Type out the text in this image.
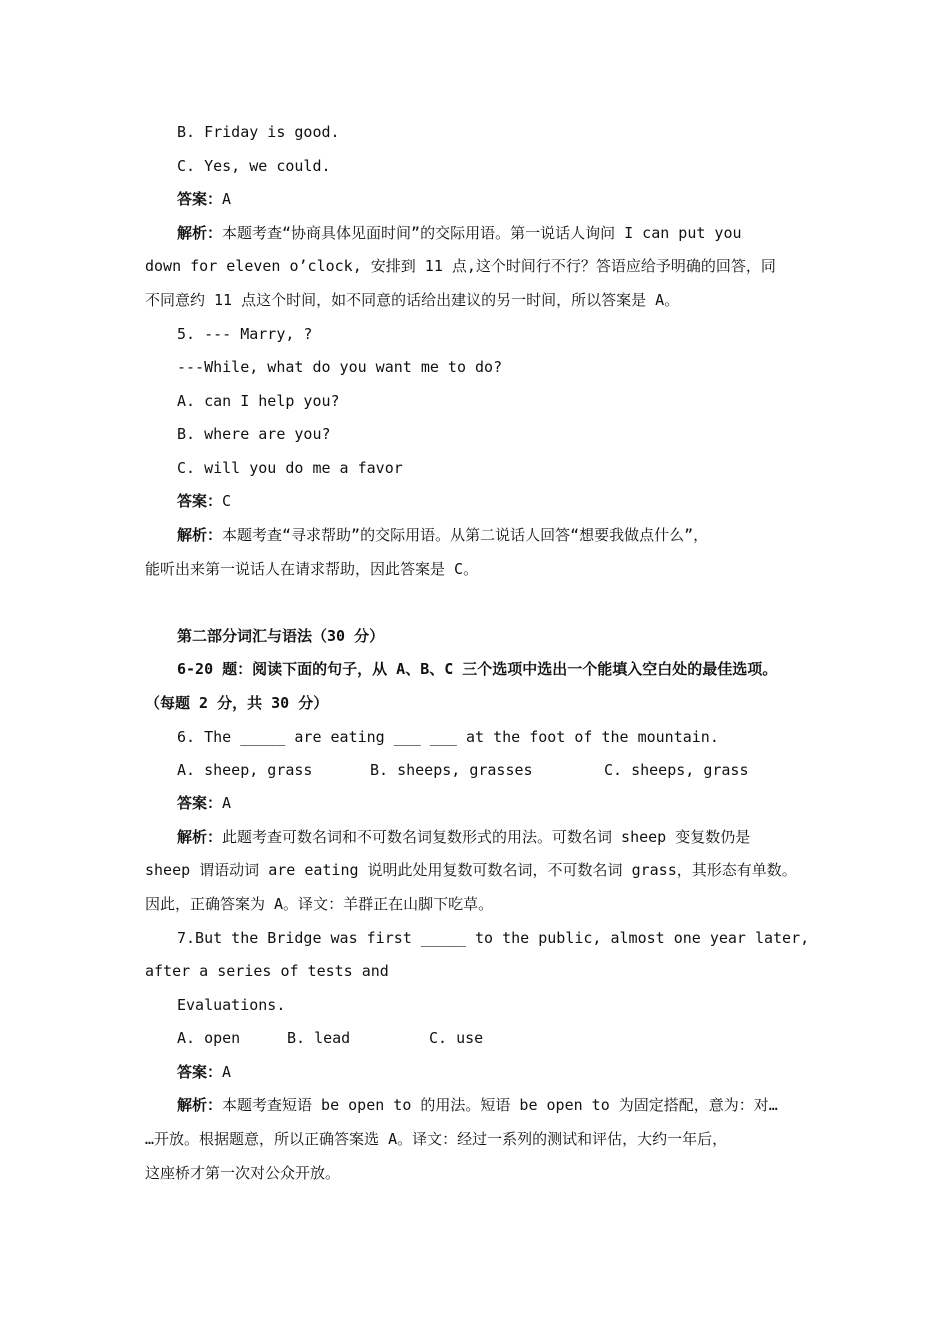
B. Friday is good.
C. Yes, we could.
答案：A
解析：本题考查“协商具体见面时间”的交际用语。第一说话人询问 I can put you
down for eleven o’clock, 安排到 11 点,这个时间行不行？答语应给予明确的回答，同
不同意约 11 点这个时间，如不同意的话给出建议的另一时间，所以答案是 A。
5. --- Marry, ?
---While, what do you want me to do?
A. can I help you?
B. where are you?
C. will you do me a favor
答案：C
解析：本题考查“寻求帮助”的交际用语。从第二说话人回答“想要我做点什么”，
能听出来第一说话人在请求帮助，因此答案是 C。
第二部分词汇与语法（30 分）
6-20 题：阅读下面的句子，从 A、B、C 三个选项中选出一个能填入空白处的最佳选项。
（每题 2 分，共 30 分）
6. The _____ are eating ___ ___ at the foot of the mountain.
A. sheep, grass	B. sheeps, grasses	C. sheeps, grass
答案：A
解析：此题考查可数名词和不可数名词复数形式的用法。可数名词 sheep 变复数仍是
sheep 谓语动词 are eating 说明此处用复数可数名词，不可数名词 grass，其形态有单数。
因此，正确答案为 A。译文：羊群正在山脚下吃草。
7.But the Bridge was first _____ to the public, almost one year later,
after a series of tests and
Evaluations.
A. open	B. lead	C. use
答案：A
解析：本题考查短语 be open to 的用法。短语 be open to 为固定搭配，意为：对…
…开放。根据题意，所以正确答案选 A。译文：经过一系列的测试和评估，大约一年后，
这座桥才第一次对公众开放。
